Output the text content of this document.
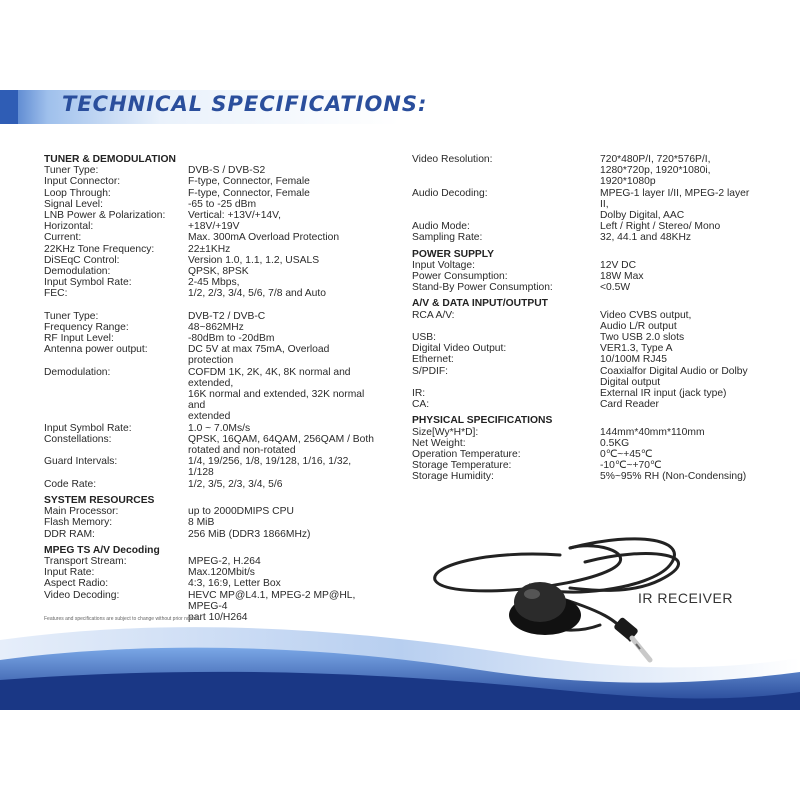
TECHNICAL SPECIFICATIONS:
TUNER & DEMODULATION
Tuner Type:	DVB-S / DVB-S2
Input Connector:	F-type, Connector, Female
Loop Through:	F-type, Connector, Female
Signal Level:	-65 to -25 dBm
LNB Power & Polarization:	Vertical: +13V/+14V,
Horizontal:	+18V/+19V
Current:	Max. 300mA Overload Protection
22KHz Tone Frequency:	22±1KHz
DiSEqC Control:	Version 1.0, 1.1, 1.2, USALS
Demodulation:	QPSK, 8PSK
Input Symbol Rate:	2-45 Mbps,
FEC:	1/2, 2/3, 3/4, 5/6, 7/8 and Auto
Tuner Type:	DVB-T2 / DVB-C
Frequency Range:	48~862MHz
RF Input Level:	-80dBm to -20dBm
Antenna power output:	DC 5V at max 75mA, Overload protection
Demodulation:	COFDM 1K, 2K, 4K, 8K normal and extended,
16K normal and extended, 32K normal and
extended
Input Symbol Rate:	1.0 ~ 7.0Ms/s
Constellations:	QPSK, 16QAM, 64QAM, 256QAM / Both
rotated and non-rotated
Guard Intervals:	1/4, 19/256, 1/8, 19/128, 1/16, 1/32, 1/128
Code Rate:	1/2, 3/5, 2/3, 3/4, 5/6
SYSTEM RESOURCES
Main Processor:	up to 2000DMIPS CPU
Flash Memory:	8 MiB
DDR RAM:	256 MiB (DDR3 1866MHz)
MPEG TS A/V Decoding
Transport Stream:	MPEG-2, H.264
Input Rate:	Max.120Mbit/s
Aspect Radio:	4:3, 16:9, Letter Box
Video Decoding:	HEVC MP@L4.1, MPEG-2 MP@HL, MPEG-4
part 10/H264
Video Resolution:	720*480P/I, 720*576P/I,
1280*720p, 1920*1080i,
1920*1080p
Audio Decoding:	MPEG-1 layer I/II, MPEG-2 layer II,
Dolby Digital, AAC
Audio Mode:	Left / Right / Stereo/ Mono
Sampling Rate:	32, 44.1 and 48KHz
POWER SUPPLY
Input Voltage:	12V DC
Power Consumption:	18W Max
Stand-By Power Consumption:	<0.5W
A/V & DATA INPUT/OUTPUT
RCA A/V:	Video CVBS output,
Audio L/R output
USB:	Two USB 2.0 slots
Digital Video Output:	VER1.3, Type A
Ethernet:	10/100M RJ45
S/PDIF:	Coaxialfor Digital Audio or Dolby
Digital output
IR:	External IR input (jack type)
CA:	Card Reader
PHYSICAL SPECIFICATIONS
Size[Wy*H*D]:	144mm*40mm*110mm
Net Weight:	0.5KG
Operation Temperature:	0℃~+45℃
Storage Temperature:	-10℃~+70℃
Storage Humidity:	5%~95% RH (Non-Condensing)
Features and specifications are subject to change without prior notice.
IR RECEIVER
